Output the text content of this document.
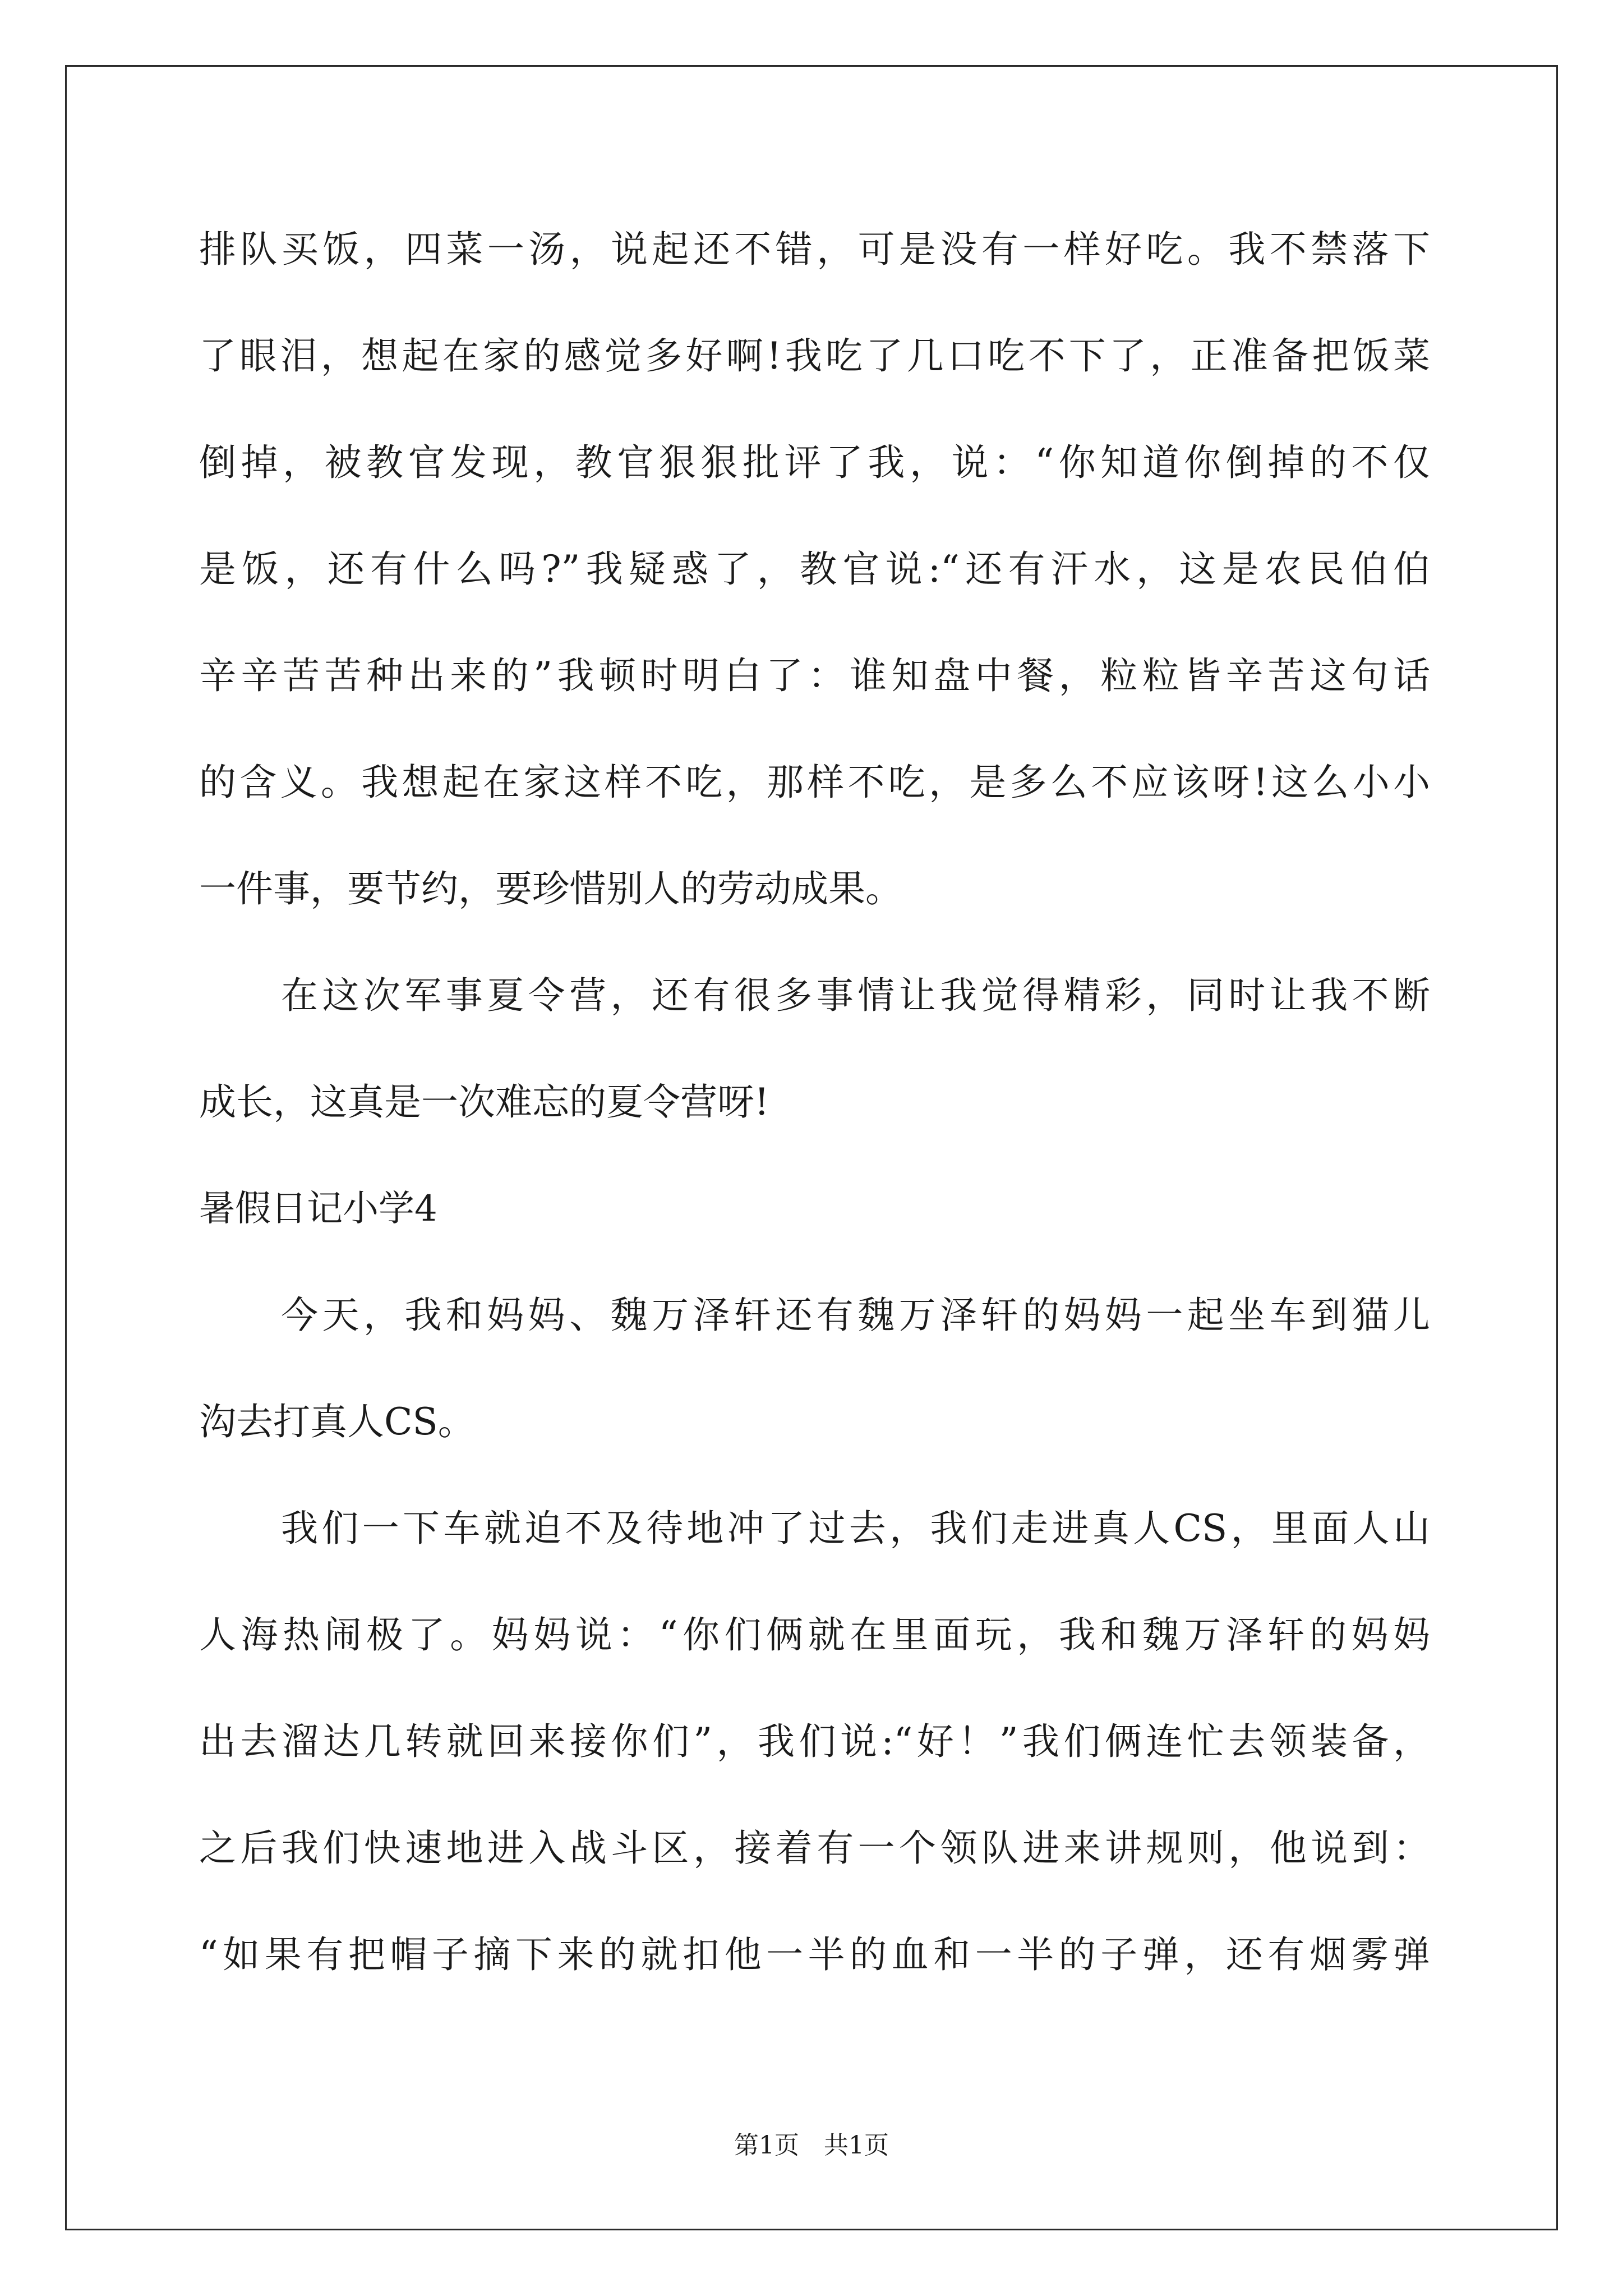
排队买饭，四菜一汤，说起还不错，可是没有一样好吃。我不禁落下
了眼泪，想起在家的感觉多好啊!我吃了几口吃不下了，正准备把饭菜
倒掉，被教官发现，教官狠狠批评了我，说：“你知道你倒掉的不仅
是饭，还有什么吗?”我疑惑了，教官说:“还有汗水，这是农民伯伯
辛辛苦苦种出来的”我顿时明白了：谁知盘中餐，粒粒皆辛苦这句话
的含义。我想起在家这样不吃，那样不吃，是多么不应该呀!这么小小
一件事，要节约，要珍惜别人的劳动成果。
在这次军事夏令营，还有很多事情让我觉得精彩，同时让我不断
成长，这真是一次难忘的夏令营呀!
暑假日记小学4
今天，我和妈妈、魏万泽轩还有魏万泽轩的妈妈一起坐车到猫儿
沟去打真人CS。
我们一下车就迫不及待地冲了过去，我们走进真人CS，里面人山
人海热闹极了。妈妈说：“你们俩就在里面玩，我和魏万泽轩的妈妈
出去溜达几转就回来接你们”，我们说:“好！”我们俩连忙去领装备，
之后我们快速地进入战斗区，接着有一个领队进来讲规则，他说到：
“如果有把帽子摘下来的就扣他一半的血和一半的子弹，还有烟雾弹
第1页　共1页
